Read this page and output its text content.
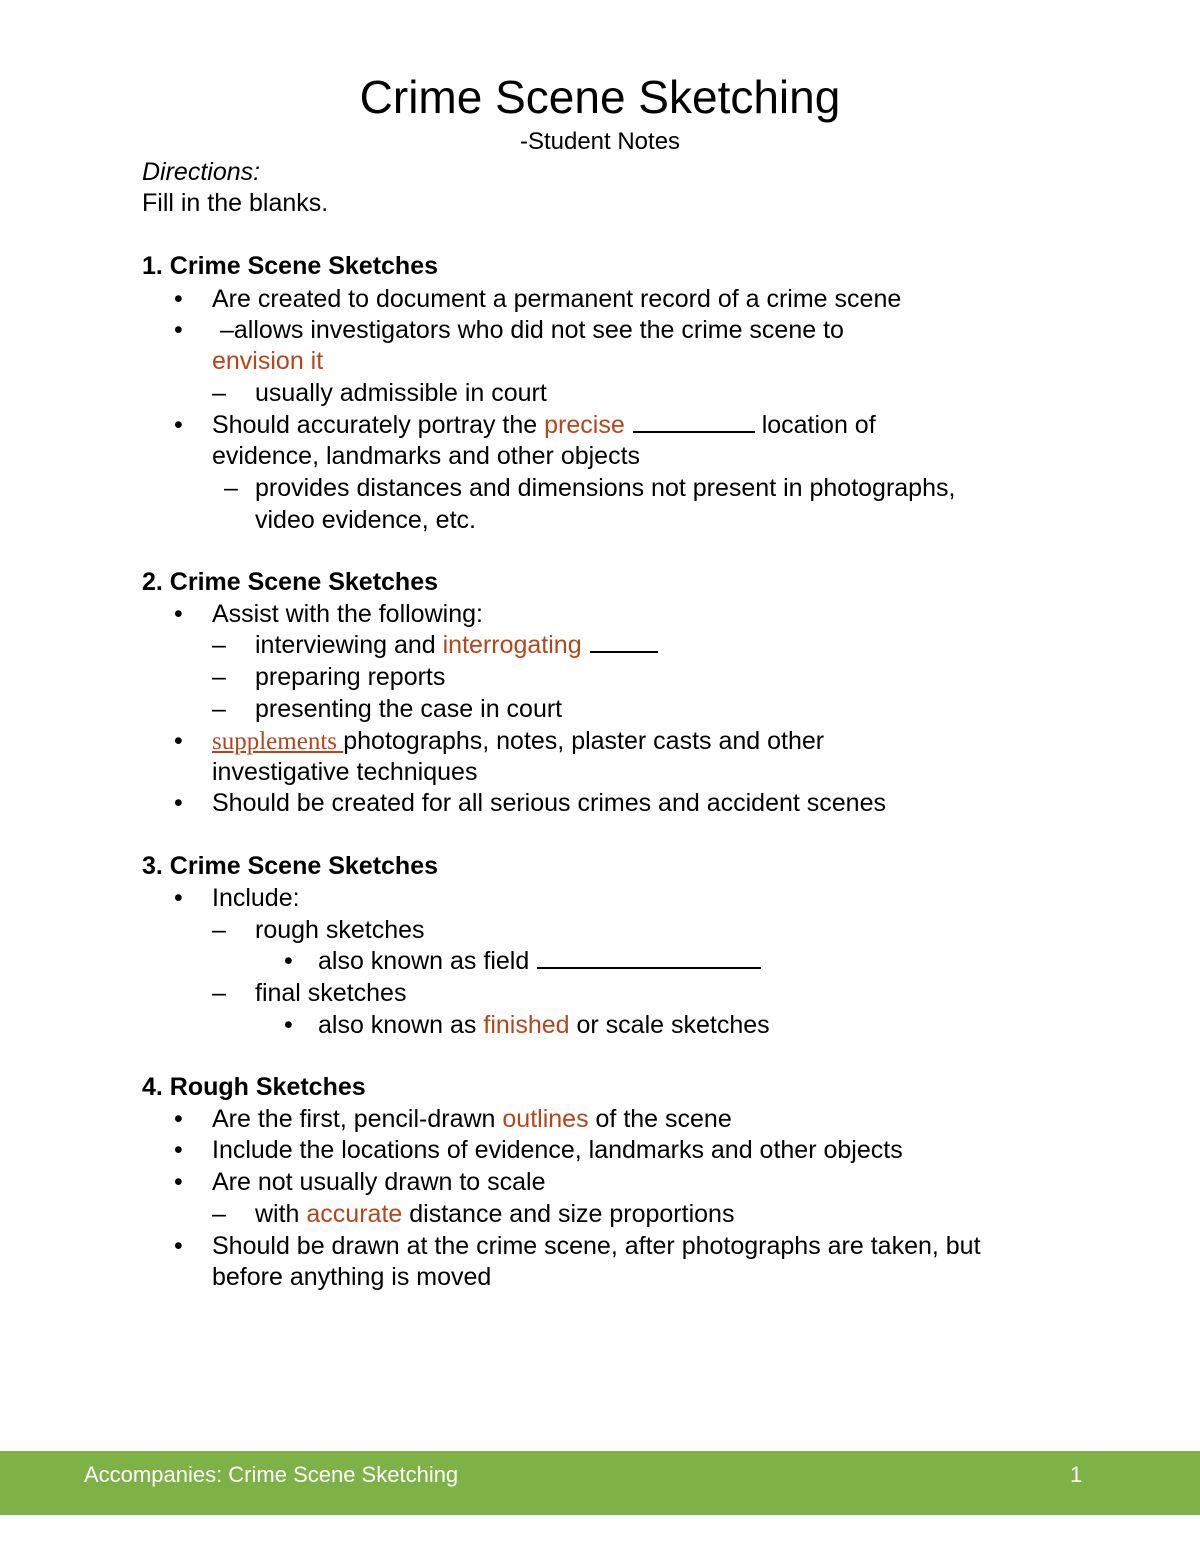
Crime Scene Sketching
-Student Notes
Directions:
Fill in the blanks.
1. Crime Scene Sketches
• Are created to document a permanent record of a crime scene
• –allows investigators who did not see the crime scene to
envision it
– usually admissible in court
• Should accurately portray the precise	location of
evidence, landmarks and other objects
– provides distances and dimensions not present in photographs,
video evidence, etc.
2. Crime Scene Sketches
• Assist with the following:
– interviewing and interrogating
– preparing reports
– presenting the case in court
• supplements photographs, notes, plaster casts and other
investigative techniques
• Should be created for all serious crimes and accident scenes
3. Crime Scene Sketches
• Include:
– rough sketches
• also known as field
– final sketches
• also known as finished or scale sketches
4. Rough Sketches
• Are the first, pencil-drawn outlines of the scene
• Include the locations of evidence, landmarks and other objects
• Are not usually drawn to scale
– with accurate distance and size proportions
• Should be drawn at the crime scene, after photographs are taken, but
before anything is moved
Accompanies: Crime Scene Sketching	1
